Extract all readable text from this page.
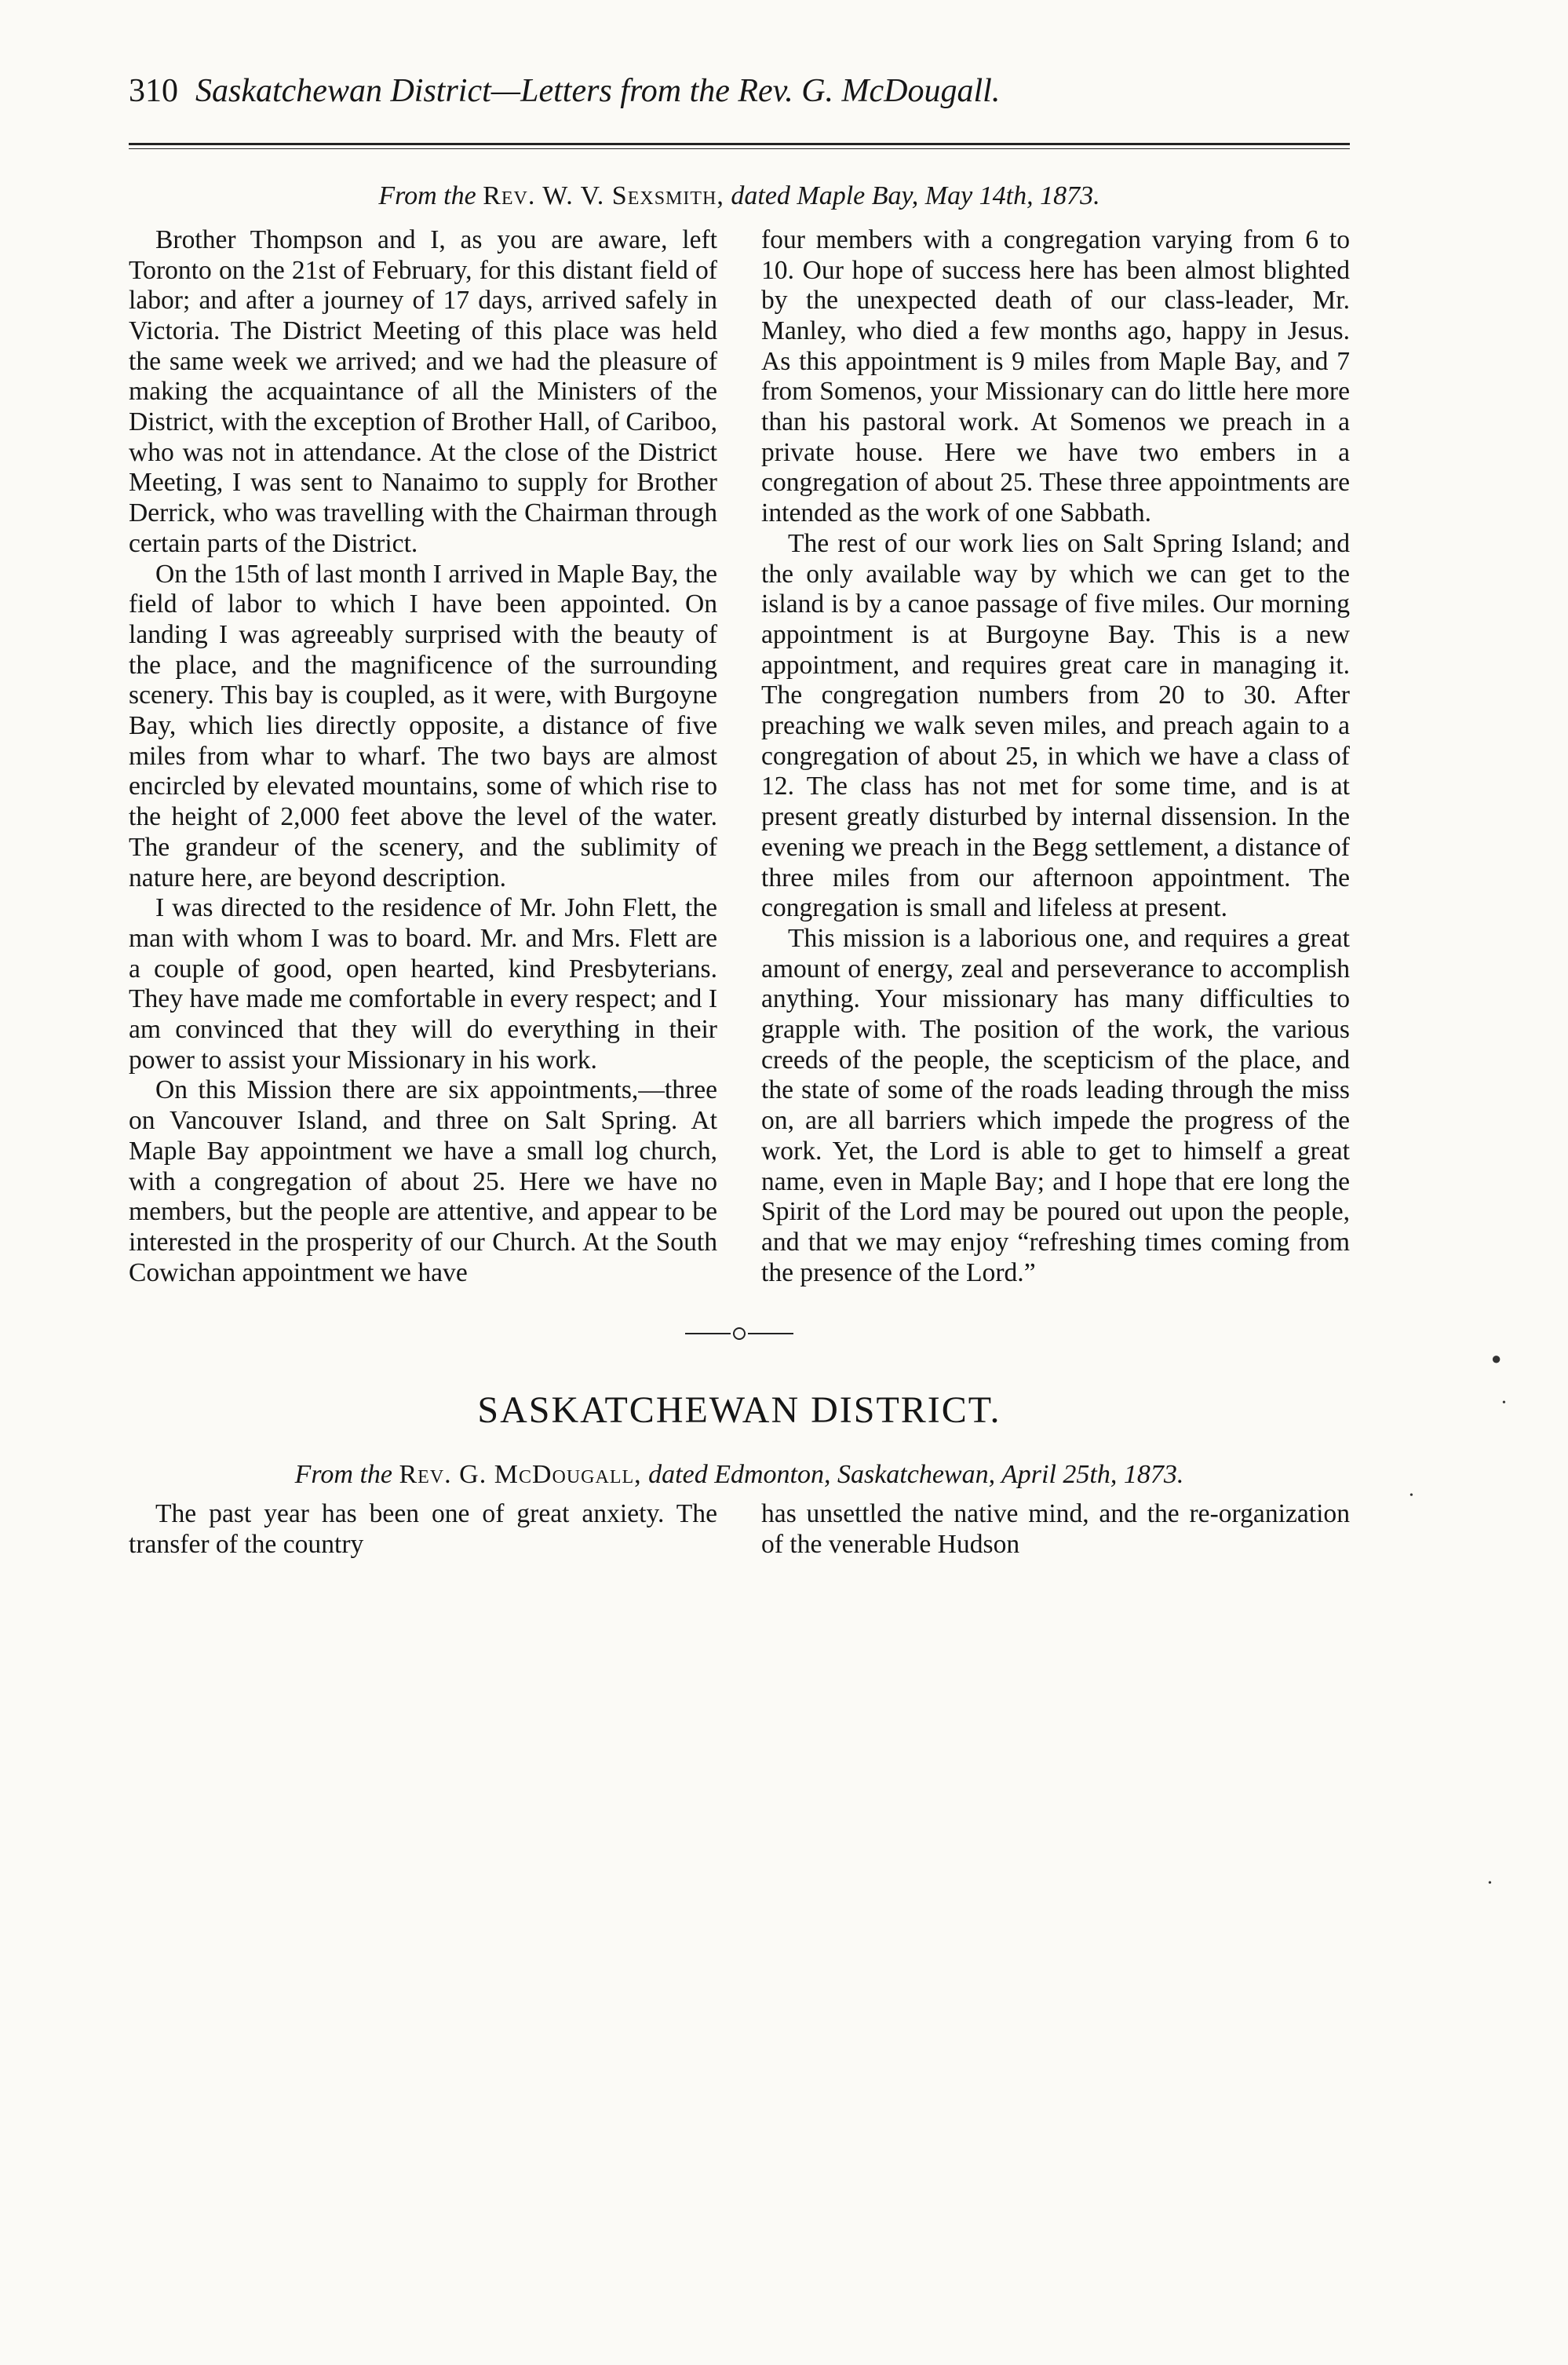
310 Saskatchewan District—Letters from the Rev. G. McDougall.
From the Rev. W. V. Sexsmith, dated Maple Bay, May 14th, 1873.

Brother Thompson and I, as you are aware, left Toronto on the 21st of February, for this distant field of labor; and after a journey of 17 days, arrived safely in Victoria. The District Meeting of this place was held the same week we arrived; and we had the pleasure of making the acquaintance of all the Ministers of the District, with the exception of Brother Hall, of Cariboo, who was not in attendance. At the close of the District Meeting, I was sent to Nanaimo to supply for Brother Derrick, who was travelling with the Chairman through certain parts of the District.

On the 15th of last month I arrived in Maple Bay, the field of labor to which I have been appointed. On landing I was agreeably surprised with the beauty of the place, and the magnificence of the surrounding scenery. This bay is coupled, as it were, with Burgoyne Bay, which lies directly opposite, a distance of five miles from whar to wharf. The two bays are almost encircled by elevated mountains, some of which rise to the height of 2,000 feet above the level of the water. The grandeur of the scenery, and the sublimity of nature here, are beyond description.

I was directed to the residence of Mr. John Flett, the man with whom I was to board. Mr. and Mrs. Flett are a couple of good, open hearted, kind Presbyterians. They have made me comfortable in every respect; and I am convinced that they will do everything in their power to assist your Missionary in his work.

On this Mission there are six appointments,—three on Vancouver Island, and three on Salt Spring. At Maple Bay appointment we have a small log church, with a congregation of about 25. Here we have no members, but the people are attentive, and appear to be interested in the prosperity of our Church. At the South Cowichan appointment we have

four members with a congregation varying from 6 to 10. Our hope of success here has been almost blighted by the unexpected death of our class-leader, Mr. Manley, who died a few months ago, happy in Jesus. As this appointment is 9 miles from Maple Bay, and 7 from Somenos, your Missionary can do little here more than his pastoral work. At Somenos we preach in a private house. Here we have two embers in a congregation of about 25. These three appointments are intended as the work of one Sabbath.

The rest of our work lies on Salt Spring Island; and the only available way by which we can get to the island is by a canoe passage of five miles. Our morning appointment is at Burgoyne Bay. This is a new appointment, and requires great care in managing it. The congregation numbers from 20 to 30. After preaching we walk seven miles, and preach again to a congregation of about 25, in which we have a class of 12. The class has not met for some time, and is at present greatly disturbed by internal dissension. In the evening we preach in the Begg settlement, a distance of three miles from our afternoon appointment. The congregation is small and lifeless at present.

This mission is a laborious one, and requires a great amount of energy, zeal and perseverance to accomplish anything. Your missionary has many difficulties to grapple with. The position of the work, the various creeds of the people, the scepticism of the place, and the state of some of the roads leading through the miss on, are all barriers which impede the progress of the work. Yet, the Lord is able to get to himself a great name, even in Maple Bay; and I hope that ere long the Spirit of the Lord may be poured out upon the people, and that we may enjoy “refreshing times coming from the presence of the Lord.”

SASKATCHEWAN DISTRICT.
From the Rev. G. McDougall, dated Edmonton, Saskatchewan, April 25th, 1873.

The past year has been one of great anxiety. The transfer of the country

has unsettled the native mind, and the re-organization of the venerable Hudson

●
•
•
•
